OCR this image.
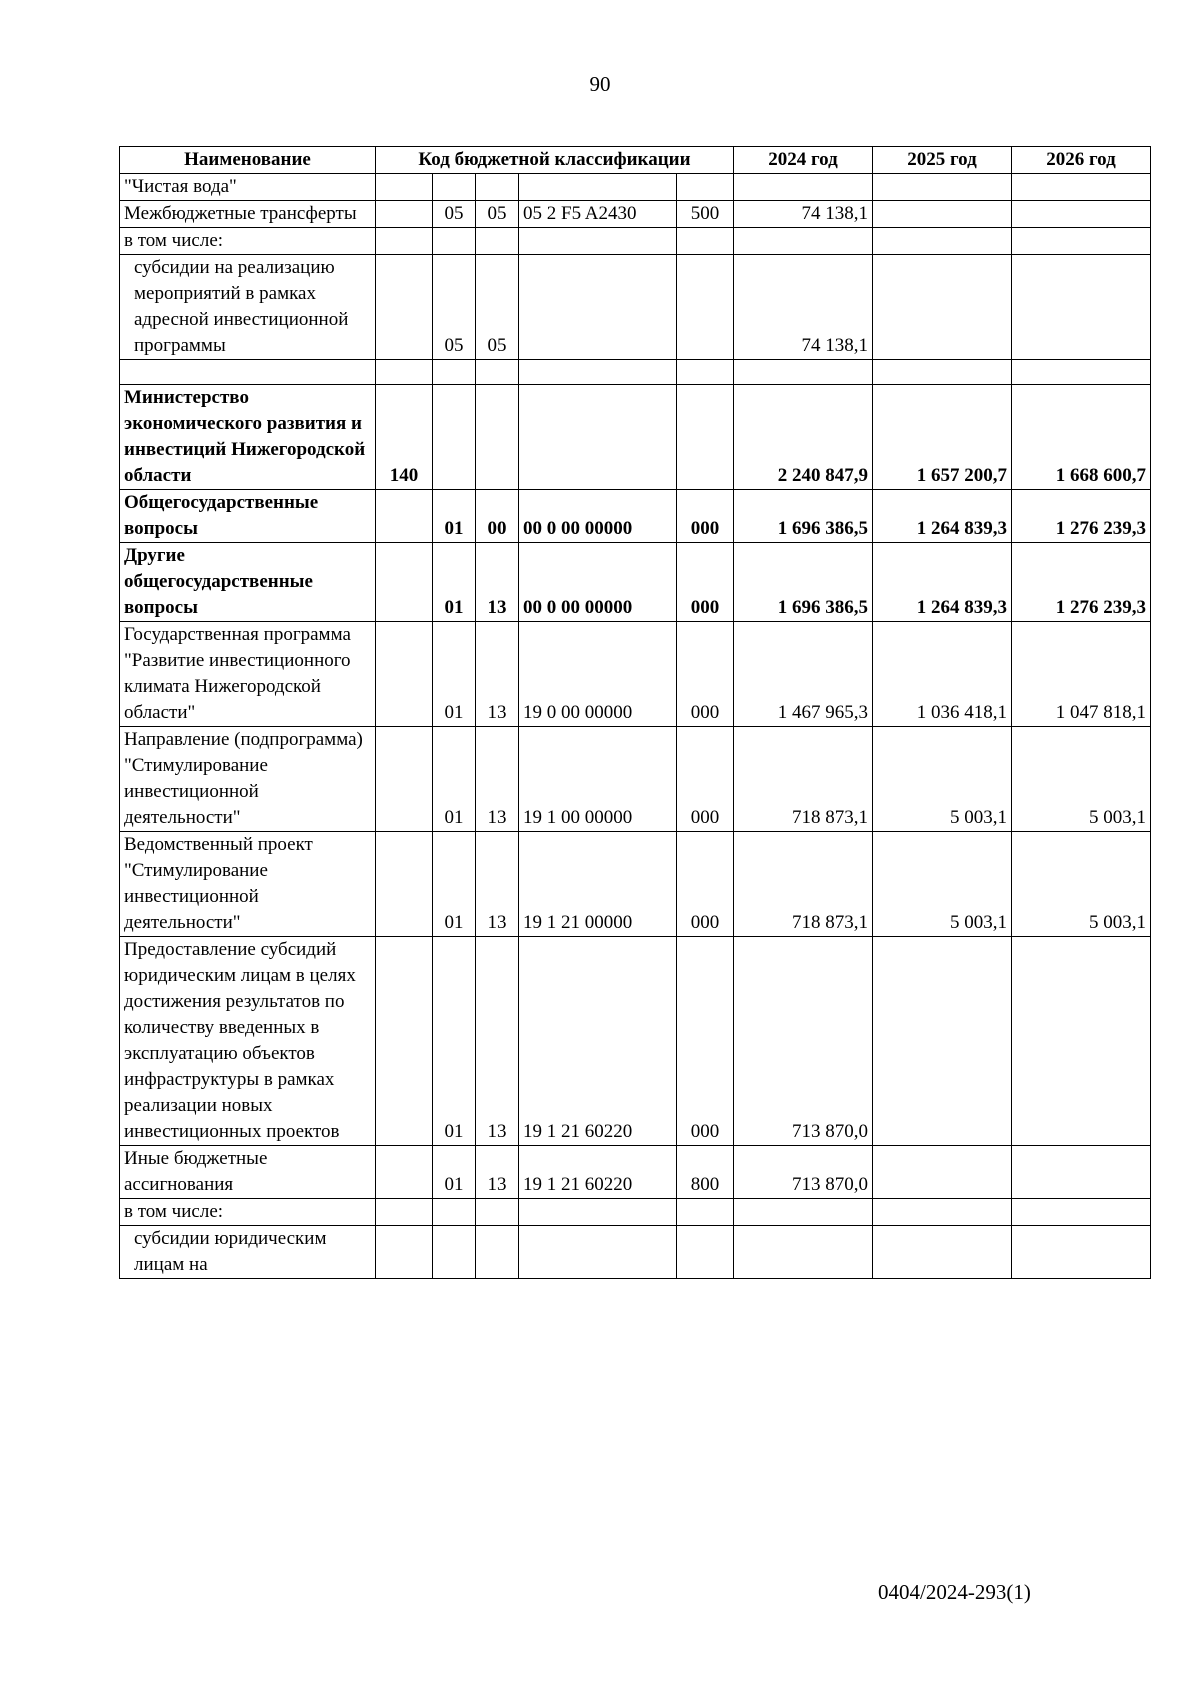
90
Наименование	Код бюджетной классификации					2024 год	2025 год	2026 год
"Чистая вода"								
Межбюджетные трансферты		05	05	05 2 F5 A2430	500	74 138,1		
в том числе:								
субсидии на реализацию мероприятий в рамках адресной инвестиционной программы		05	05			74 138,1		

Министерство экономического развития и инвестиций Нижегородской области	140					2 240 847,9	1 657 200,7	1 668 600,7
Общегосударственные вопросы		01	00	00 0 00 00000	000	1 696 386,5	1 264 839,3	1 276 239,3
Другие общегосударственные вопросы		01	13	00 0 00 00000	000	1 696 386,5	1 264 839,3	1 276 239,3
Государственная программа "Развитие инвестиционного климата Нижегородской области"		01	13	19 0 00 00000	000	1 467 965,3	1 036 418,1	1 047 818,1
Направление (подпрограмма) "Стимулирование инвестиционной деятельности"		01	13	19 1 00 00000	000	718 873,1	5 003,1	5 003,1
Ведомственный проект "Стимулирование инвестиционной деятельности"		01	13	19 1 21 00000	000	718 873,1	5 003,1	5 003,1
Предоставление субсидий юридическим лицам в целях достижения результатов по количеству введенных в эксплуатацию объектов инфраструктуры в рамках реализации новых инвестиционных проектов		01	13	19 1 21 60220	000	713 870,0		
Иные бюджетные ассигнования		01	13	19 1 21 60220	800	713 870,0		
в том числе:								
субсидии юридическим лицам на								
0404/2024-293(1)
